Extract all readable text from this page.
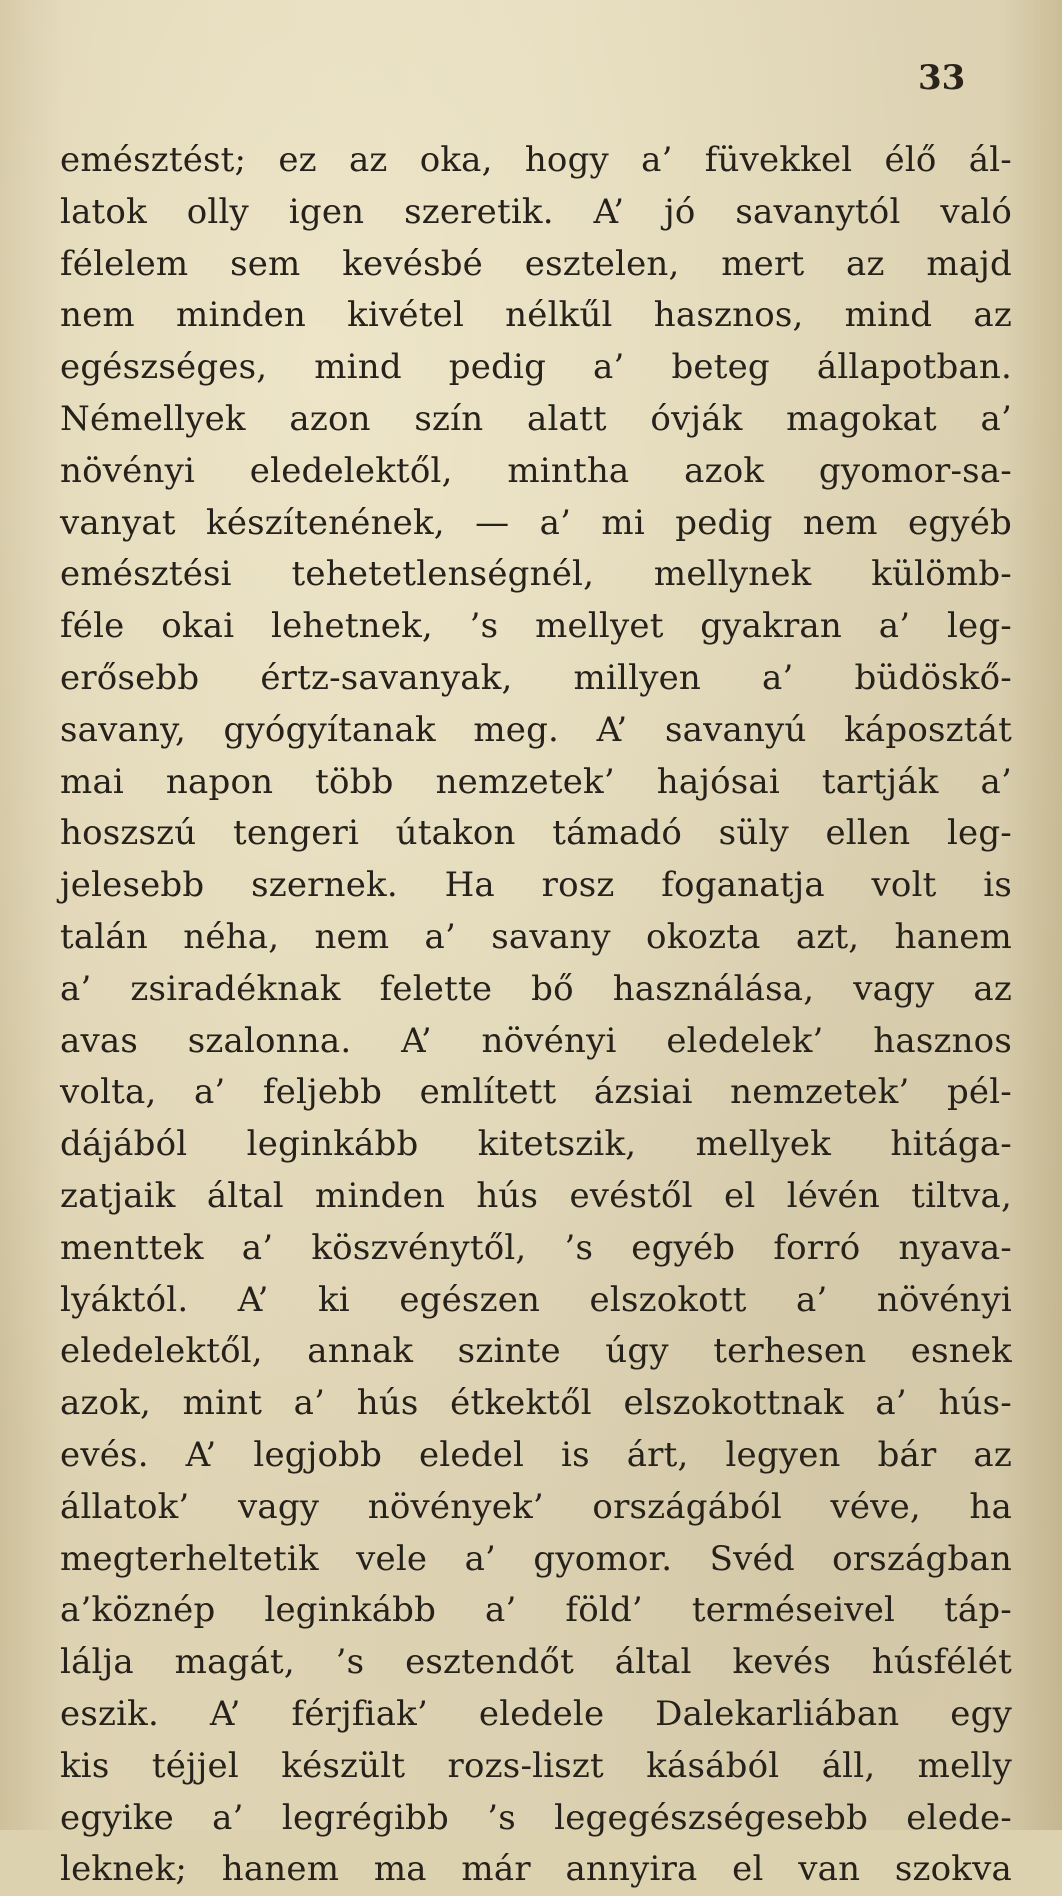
33
emésztést; ez az oka, hogy a’ füvekkel élő ál-
latok olly igen szeretik. A’ jó savanytól való
félelem sem kevésbé esztelen, mert az majd
nem minden kivétel nélkűl hasznos, mind az
egészséges, mind pedig a’ beteg állapotban.
Némellyek azon szín alatt óvják magokat a’
növényi eledelektől, mintha azok gyomor-sa-
vanyat készítenének, — a’ mi pedig nem egyéb
emésztési tehetetlenségnél, mellynek külömb-
féle okai lehetnek, ’s mellyet gyakran a’ leg-
erősebb értz-savanyak, millyen a’ büdöskő-
savany, gyógyítanak meg. A’ savanyú káposztát
mai napon több nemzetek’ hajósai tartják a’
hoszszú tengeri útakon támadó süly ellen leg-
jelesebb szernek. Ha rosz foganatja volt is
talán néha, nem a’ savany okozta azt, hanem
a’ zsiradéknak felette bő használása, vagy az
avas szalonna. A’ növényi eledelek’ hasznos
volta, a’ feljebb említett ázsiai nemzetek’ pél-
dájából leginkább kitetszik, mellyek hitága-
zatjaik által minden hús evéstől el lévén tiltva,
menttek a’ köszvénytől, ’s egyéb forró nyava-
lyáktól. A’ ki egészen elszokott a’ növényi
eledelektől, annak szinte úgy terhesen esnek
azok, mint a’ hús étkektől elszokottnak a’ hús-
evés. A’ legjobb eledel is árt, legyen bár az
állatok’ vagy növények’ országából véve, ha
megterheltetik vele a’ gyomor. Svéd országban
a’köznép leginkább a’ föld’ terméseivel táp-
lálja magát, ’s esztendőt által kevés húsfélét
eszik. A’ férjfiak’ eledele Dalekarliában egy
kis téjjel készült rozs-liszt kásából áll, melly
egyike a’ legrégibb ’s legegészségesebb elede-
leknek; hanem ma már annyira el van szokva
